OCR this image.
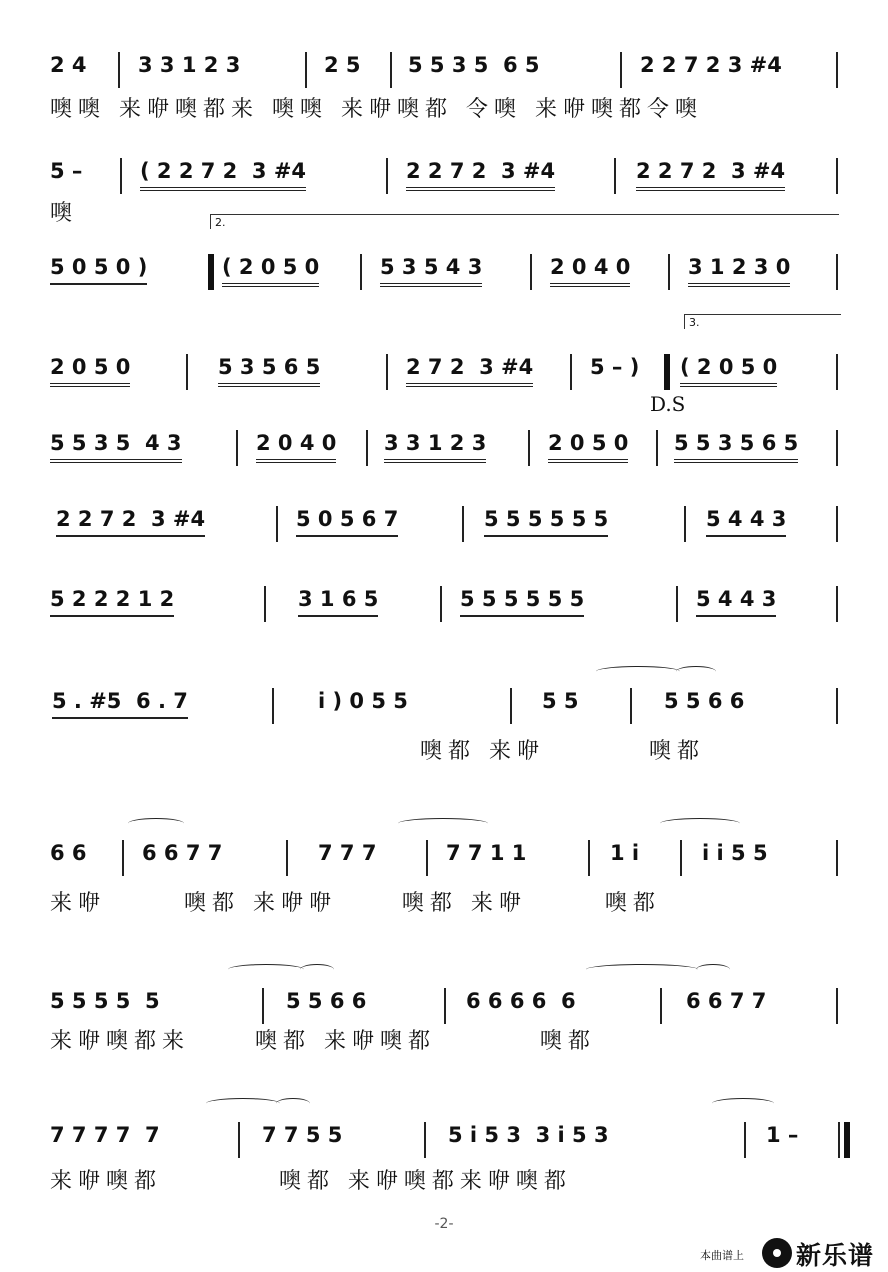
2 4 3 3 1 2 3	2 5 5 5 3 5  6 5	2 2 7 2 3 #4
噢噢 来咿噢都来 噢噢 来咿噢都 令噢 来咿噢都令噢
5 –	( 2 2 7 2  3 #4	2 2 7 2  3 #4	2 2 7 2  3 #4
噢	2.
5 0 5 0 )	( 2 0 5 0	5 3 5 4 3	2 0 4 0	3 1 2 3 0
3.
2 0 5 0	5 3 5 6 5	2 7 2  3 #4	5 – ) ( 2 0 5 0
D.S
5 5 3 5  4 3	2 0 4 0 3 3 1 2 3	2 0 5 0 5 5 3 5 6 5
2 2 7 2  3 #4	5 0 5 6 7	5 5 5 5 5 5	5 4 4 3
5 2 2 2 1 2	3 1 6 5	5 5 5 5 5 5	5 4 4 3
5 . #5  6 . 7	i ) 0 5 5	5 5	5 5 6 6
噢都 来咿        噢都
6 6	6 6 7 7	7 7 7	7 7 1 1	1 i	i i 5 5
来咿      噢都 来咿咿     噢都 来咿      噢都
5 5 5 5  5	5 5 6 6	6 6 6 6  6	6 6 7 7
来咿噢都来     噢都 来咿噢都        噢都
7 7 7 7  7	7 7 5 5	5 i 5 3  3 i 5 3	1 –
来咿噢都         噢都 来咿噢都来咿噢都
-2-
本曲谱上 新乐谱
